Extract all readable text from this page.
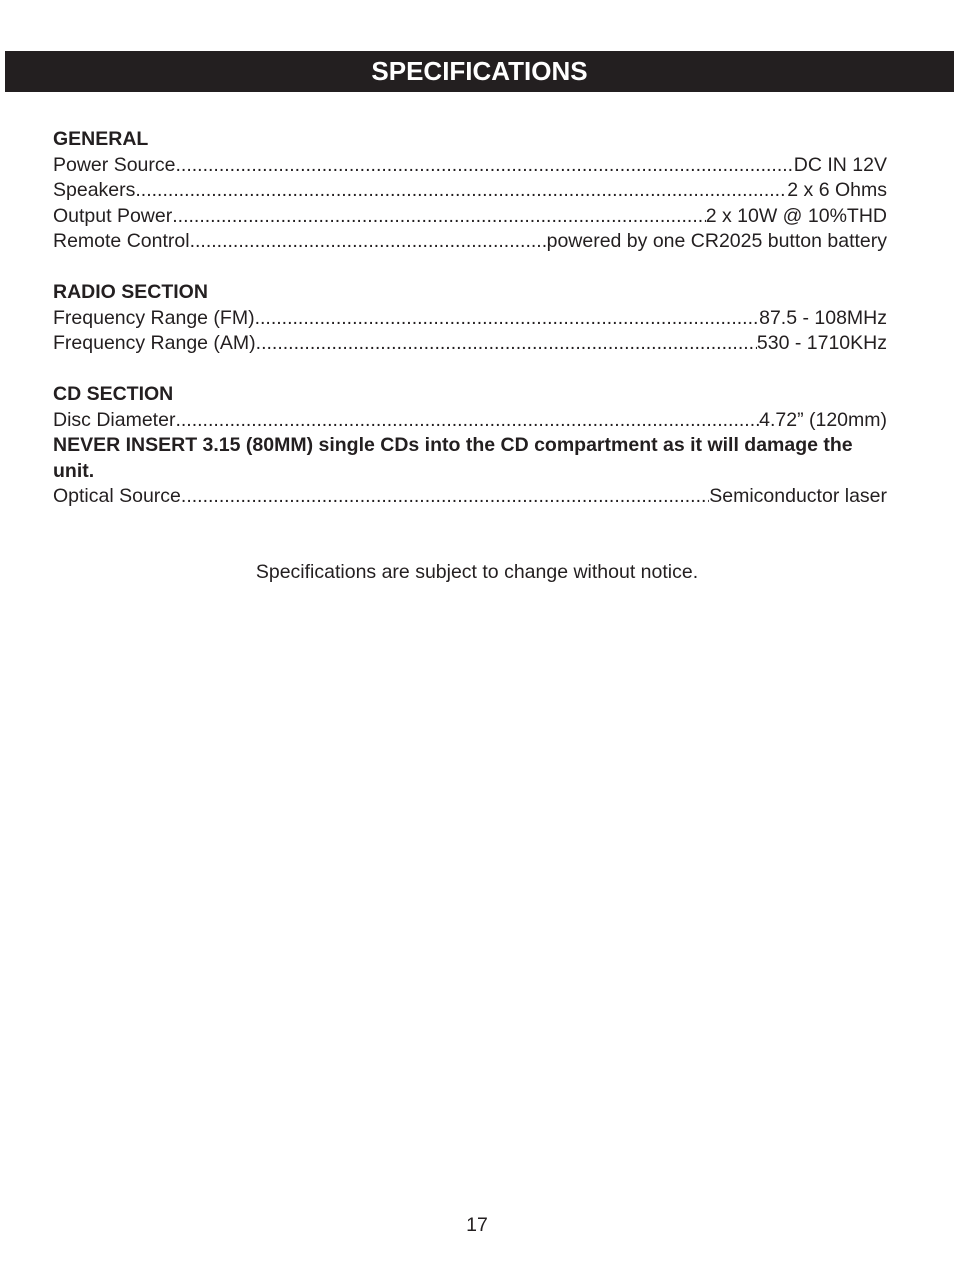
SPECIFICATIONS
GENERAL
Power Source .....	DC IN 12V
Speakers .....	2 x 6 Ohms
Output Power .....	2 x 10W @ 10%THD
Remote Control .....	powered by one CR2025 button battery
RADIO SECTION
Frequency Range (FM) .....	87.5 - 108MHz
Frequency Range (AM) .....	530 - 1710KHz
CD SECTION
Disc Diameter .....	4.72” (120mm)
NEVER INSERT 3.15 (80MM) single CDs into the CD compartment as it will damage the unit.
Optical Source .....	Semiconductor laser
Specifications are subject to change without notice.
17
